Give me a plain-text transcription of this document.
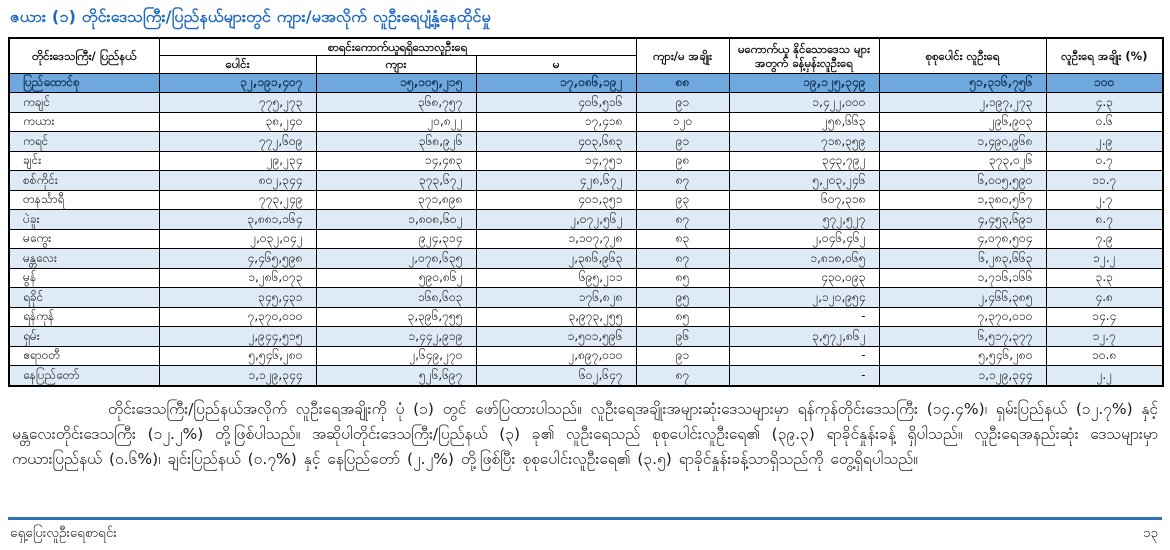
ဇယား (၁) တိုင်းဒေသကြီး/ပြည်နယ်များတွင် ကျား/မအလိုက် လူဦးရေပျံ့နှံ့နေထိုင်မှု
တိုင်းဒေသကြီး/ ပြည်နယ်	စာရင်းကောက်ယူရရှိသောလူဦးရေ			ကျား/မ အချိုး	မကောက်ယူ နိုင်သောဒေသ များအတွက် ခန့်မှန်းလူဦးရေ	စုစုပေါင်း လူဦးရေ	လူဦးရေ အချိုး (%)
	ပေါင်း	ကျား	မ				
ပြည်ထောင်စု	၃၂,၁၉၁,၄၀၇	၁၅,၁၀၅,၂၁၅	၁၇,၀၈၆,၁၉၂	၈၈	၁၉,၁၂၅,၃၄၉	၅၁,၃၁၆,၇၅၆	၁၀၀
ကချင်	၇၇၅,၂၇၃	၃၆၈,၇၅၇	၄၀၆,၅၁၆	၉၁	၁,၄၂၂,၀၀၀	၂,၁၉၇,၂၇၃	၄.၃
ကယား	၃၈,၂၄၀	၂၀,၈၂၂	၁၇,၄၁၈	၁၂၀	၂၅၈,၆၆၃	၂၉၆,၉၀၃	၀.၆
ကရင်	၇၇၂,၆၀၉	၃၆၈,၉၂၆	၄၀၃,၆၈၃	၉၁	၇၁၈,၃၅၉	၁,၄၉၀,၉၆၈	၂.၉
ချင်း	၂၉,၂၃၄	၁၄,၄၈၃	၁၄,၇၅၁	၉၈	၃၄၃,၇၉၂	၃၇၃,၀၂၆	၀.၇
စစ်ကိုင်း	၈၀၂,၃၄၄	၃၇၃,၆၇၂	၄၂၈,၆၇၂	၈၇	၅,၂၀၃,၂၄၆	၆,၀၀၅,၅၉၀	၁၁.၇
တနင်္သာရီ	၇၇၃,၂၄၉	၃၇၁,၈၉၈	၄၀၁,၃၅၁	၉၃	၆၀၇,၃၁၈	၁,၃၈၀,၅၆၇	၂.၇
ပဲခူး	၃,၈၈၁,၁၆၄	၁,၈၀၈,၆၀၂	၂,၀၇၂,၅၆၂	၈၇	၅၇၂,၅၂၇	၄,၄၅၃,၆၉၁	၈.၇
မကွေး	၂,၀၃၂,၀၄၂	၉၂၄,၃၁၄	၁,၁၀၇,၇၂၈	၈၃	၂,၀၄၆,၄၆၂	၄,၀၇၈,၅၀၄	၇.၉
မန္တလေး	၄,၄၆၅,၅၉၈	၂,၀၇၈,၆၃၅	၂,၃၈၆,၉၆၃	၈၇	၁,၈၁၈,၀၆၅	၆,၂၈၃,၆၆၃	၁၂.၂
မွန်	၁,၂၈၆,၀၇၃	၅၉၀,၈၆၂	၆၉၅,၂၁၁	၈၅	၄၃၀,၀၉၃	၁,၇၁၆,၁၆၆	၃.၃
ရခိုင်	၃၄၅,၄၃၁	၁၆၈,၆၀၃	၁၇၆,၈၂၈	၉၅	၂,၁၂၀,၉၅၄	၂,၄၆၆,၃၈၅	၄.၈
ရန်ကုန်	၇,၃၇၀,၀၁၀	၃,၃၉၆,၇၅၅	၃,၉၇၃,၂၅၅	၈၅	-	၇,၃၇၀,၀၁၀	၁၄.၄
ရှမ်း	၂,၉၄၄,၅၁၅	၁,၄၄၂,၉၁၉	၁,၅၀၁,၅၉၆	၉၆	၃,၅၇၂,၈၆၂	၆,၅၁၇,၃၇၇	၁၂.၇
ဧရာဝတီ	၅,၅၄၆,၂၈၀	၂,၆၄၉,၂၇၀	၂,၈၉၇,၀၁၀	၉၁	-	၅,၅၄၆,၂၈၀	၁၀.၈
နေပြည်တော်	၁,၁၂၉,၃၄၄	၅၂၆,၆၉၇	၆၀၂,၆၄၇	၈၇	-	၁,၁၂၉,၃၄၄	၂.၂
တိုင်းဒေသကြီး/ပြည်နယ်အလိုက် လူဦးရေအချိုးကို ပုံ (၁) တွင် ဖော်ပြထားပါသည်။ လူဦးရေအချိုးအများဆုံးဒေသများမှာ ရန်ကုန်တိုင်းဒေသကြီး (၁၄.၄%)၊ ရှမ်းပြည်နယ် (၁၂.၇%) နှင့် မန္တလေးတိုင်းဒေသကြီး (၁၂.၂%) တို့ဖြစ်ပါသည်။ အဆိုပါတိုင်းဒေသကြီး/ပြည်နယ် (၃) ခု၏ လူဦးရေသည် စုစုပေါင်းလူဦးရေ၏ (၃၉.၃) ရာခိုင်နှုန်းခန့် ရှိပါသည်။ လူဦးရေအနည်းဆုံး ဒေသများမှာ ကယားပြည်နယ် (၀.၆%)၊ ချင်းပြည်နယ် (၀.၇%) နှင့် နေပြည်တော် (၂.၂%) တို့ဖြစ်ပြီး စုစုပေါင်းလူဦးရေ၏ (၃.၅) ရာခိုင်နှုန်းခန့်သာရှိသည်ကို တွေ့ရှိရပါသည်။
ရှေ့ပြေးလူဦးရေစာရင်း	၁၃
